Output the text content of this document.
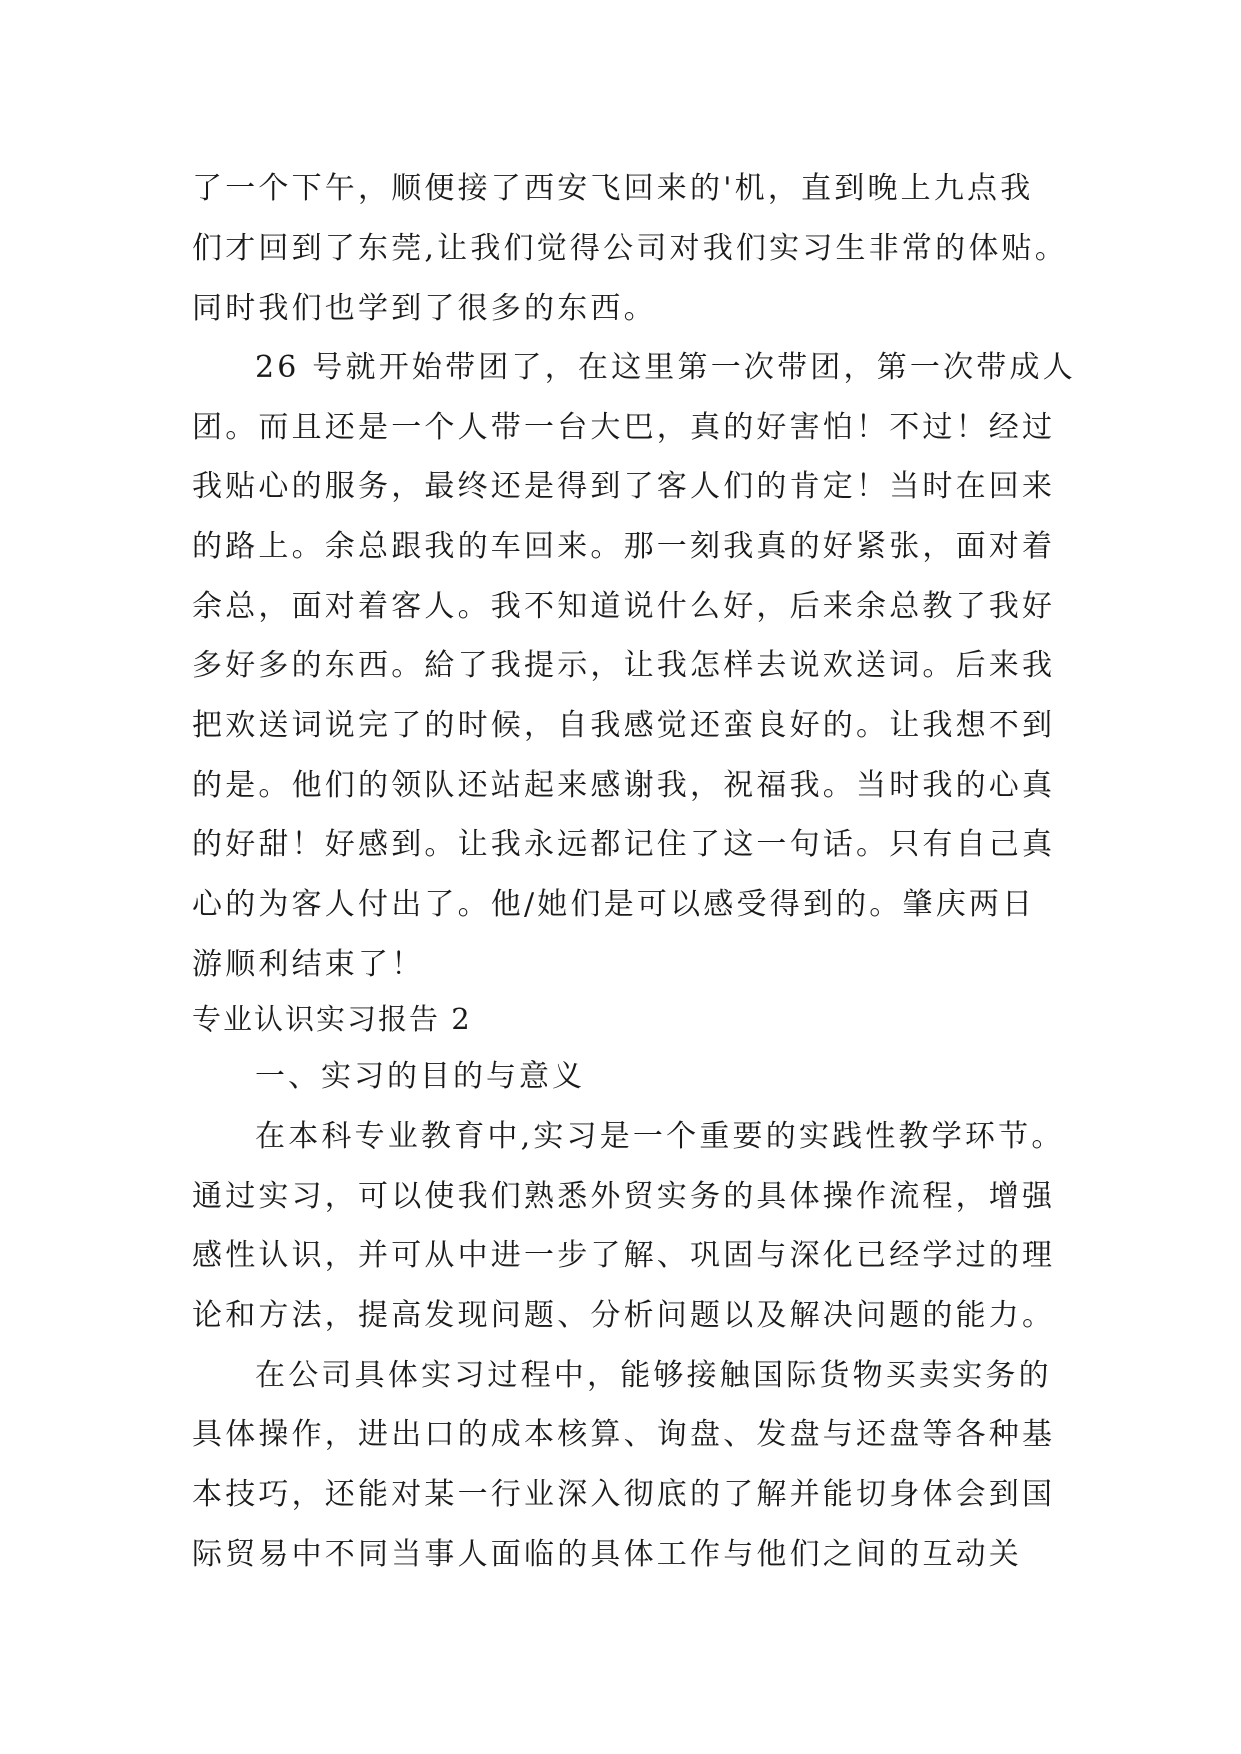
了一个下午，顺便接了西安飞回来的'机，直到晚上九点我
们才回到了东莞,让我们觉得公司对我们实习生非常的体贴。
同时我们也学到了很多的东西。
26 号就开始带团了，在这里第一次带团，第一次带成人
团。而且还是一个人带一台大巴，真的好害怕！不过！经过
我贴心的服务，最终还是得到了客人们的肯定！当时在回来
的路上。余总跟我的车回来。那一刻我真的好紧张，面对着
余总，面对着客人。我不知道说什么好，后来余总教了我好
多好多的东西。給了我提示，让我怎样去说欢送词。后来我
把欢送词说完了的时候，自我感觉还蛮良好的。让我想不到
的是。他们的领队还站起来感谢我，祝福我。当时我的心真
的好甜！好感到。让我永远都记住了这一句话。只有自己真
心的为客人付出了。他/她们是可以感受得到的。肇庆两日
游顺利结束了！
专业认识实习报告 2
一、实习的目的与意义
在本科专业教育中,实习是一个重要的实践性教学环节。
通过实习，可以使我们熟悉外贸实务的具体操作流程，增强
感性认识，并可从中进一步了解、巩固与深化已经学过的理
论和方法，提高发现问题、分析问题以及解决问题的能力。
在公司具体实习过程中，能够接触国际货物买卖实务的
具体操作，进出口的成本核算、询盘、发盘与还盘等各种基
本技巧，还能对某一行业深入彻底的了解并能切身体会到国
际贸易中不同当事人面临的具体工作与他们之间的互动关
